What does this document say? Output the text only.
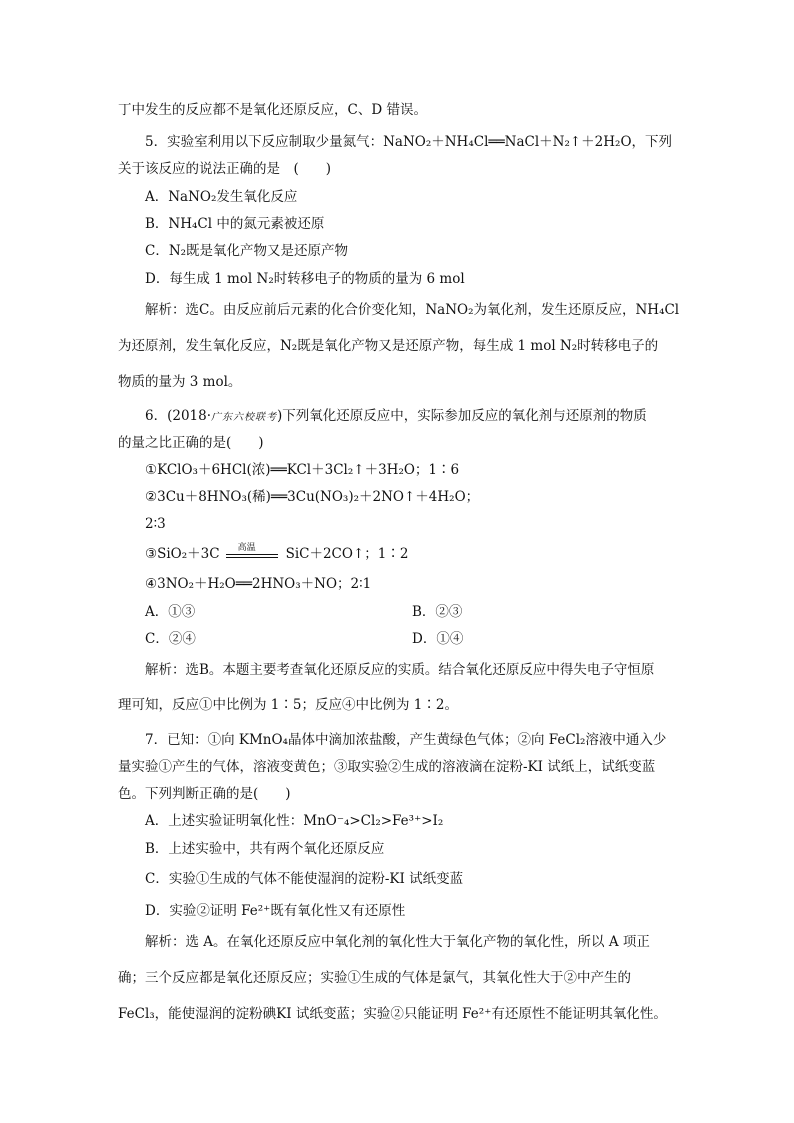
丁中发生的反应都不是氧化还原反应，C、D 错误。
5．实验室利用以下反应制取少量氮气：NaNO₂＋NH₄Cl══NaCl＋N₂↑＋2H₂O，下列
关于该反应的说法正确的是　(　　)
A．NaNO₂发生氧化反应
B．NH₄Cl 中的氮元素被还原
C．N₂既是氧化产物又是还原产物
D．每生成 1 mol N₂时转移电子的物质的量为 6 mol
解析：选C。由反应前后元素的化合价变化知，NaNO₂为氧化剂，发生还原反应，NH₄Cl
为还原剂，发生氧化反应，N₂既是氧化产物又是还原产物，每生成 1 mol N₂时转移电子的
物质的量为 3 mol。
6．(2018·广东六校联考)下列氧化还原反应中，实际参加反应的氧化剂与还原剂的物质
的量之比正确的是(　　)
①KClO₃＋6HCl(浓)══KCl＋3Cl₂↑＋3H₂O；1∶6
②3Cu＋8HNO₃(稀)══3Cu(NO₃)₂＋2NO↑＋4H₂O；
2∶3
③SiO₂＋3C 高温 SiC＋2CO↑；1∶2
④3NO₂＋H₂O══2HNO₃＋NO；2∶1
A．①③	B．②③
C．②④	D．①④
解析：选B。本题主要考查氧化还原反应的实质。结合氧化还原反应中得失电子守恒原
理可知，反应①中比例为 1∶5；反应④中比例为 1∶2。
7．已知：①向 KMnO₄晶体中滴加浓盐酸，产生黄绿色气体；②向 FeCl₂溶液中通入少
量实验①产生的气体，溶液变黄色；③取实验②生成的溶液滴在淀粉-KI 试纸上，试纸变蓝
色。下列判断正确的是(　　)
A．上述实验证明氧化性：MnO⁻₄>Cl₂>Fe³⁺>I₂
B．上述实验中，共有两个氧化还原反应
C．实验①生成的气体不能使湿润的淀粉-KI 试纸变蓝
D．实验②证明 Fe²⁺既有氧化性又有还原性
解析：选 A。在氧化还原反应中氧化剂的氧化性大于氧化产物的氧化性，所以 A 项正
确；三个反应都是氧化还原反应；实验①生成的气体是氯气，其氧化性大于②中产生的
FeCl₃，能使湿润的淀粉碘KI 试纸变蓝；实验②只能证明 Fe²⁺有还原性不能证明其氧化性。
